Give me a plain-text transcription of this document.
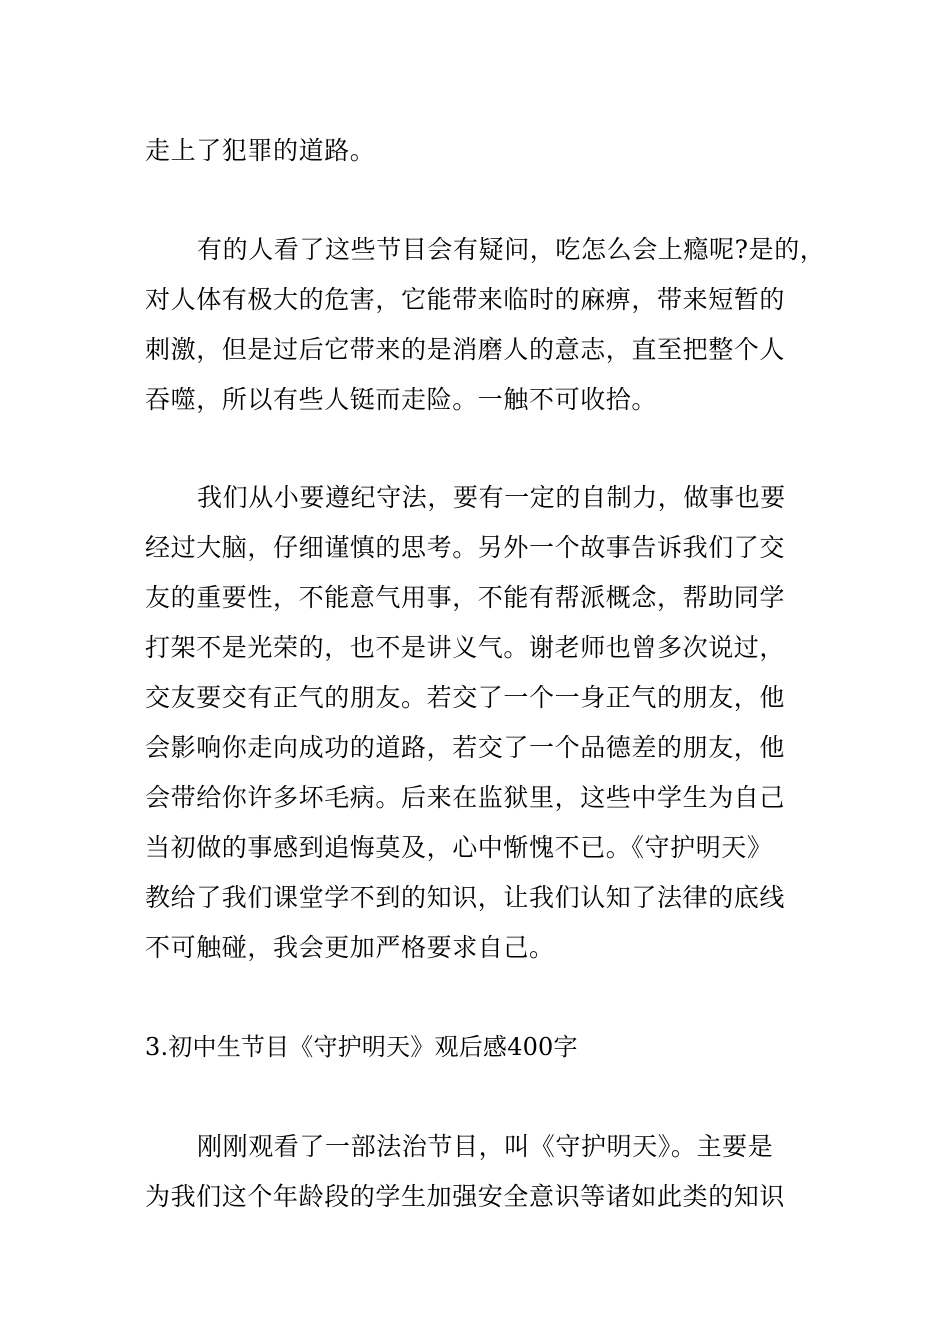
走上了犯罪的道路。
有的人看了这些节目会有疑问，吃怎么会上瘾呢?是的，
对人体有极大的危害，它能带来临时的麻痹，带来短暂的
刺激，但是过后它带来的是消磨人的意志，直至把整个人
吞噬，所以有些人铤而走险。一触不可收拾。
我们从小要遵纪守法，要有一定的自制力，做事也要
经过大脑，仔细谨慎的思考。另外一个故事告诉我们了交
友的重要性，不能意气用事，不能有帮派概念，帮助同学
打架不是光荣的，也不是讲义气。谢老师也曾多次说过，
交友要交有正气的朋友。若交了一个一身正气的朋友，他
会影响你走向成功的道路，若交了一个品德差的朋友，他
会带给你许多坏毛病。后来在监狱里，这些中学生为自己
当初做的事感到追悔莫及，心中惭愧不已。《守护明天》
教给了我们课堂学不到的知识，让我们认知了法律的底线
不可触碰，我会更加严格要求自己。
3.初中生节目《守护明天》观后感400字
刚刚观看了一部法治节目，叫《守护明天》。主要是
为我们这个年龄段的学生加强安全意识等诸如此类的知识
